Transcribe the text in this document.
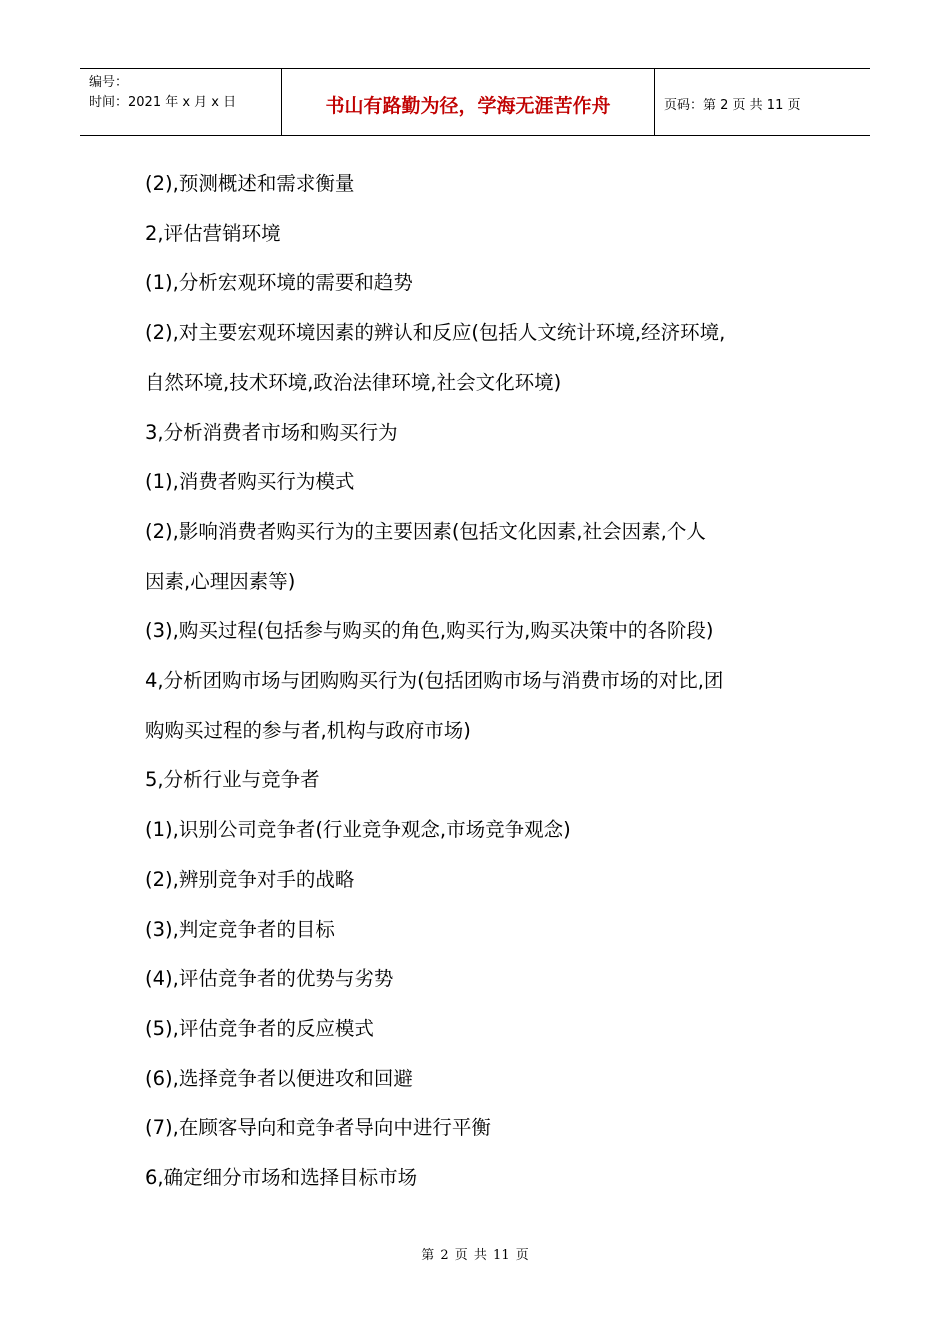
编号：
时间：2021 年 x 月 x 日	书山有路勤为径，学海无涯苦作舟	页码：第 2 页 共 11 页

(2),预测概述和需求衡量

2,评估营销环境

(1),分析宏观环境的需要和趋势

(2),对主要宏观环境因素的辨认和反应(包括人文统计环境,经济环境,

自然环境,技术环境,政治法律环境,社会文化环境)

3,分析消费者市场和购买行为

(1),消费者购买行为模式

(2),影响消费者购买行为的主要因素(包括文化因素,社会因素,个人

因素,心理因素等)

(3),购买过程(包括参与购买的角色,购买行为,购买决策中的各阶段)

4,分析团购市场与团购购买行为(包括团购市场与消费市场的对比,团

购购买过程的参与者,机构与政府市场)

5,分析行业与竞争者

(1),识别公司竞争者(行业竞争观念,市场竞争观念)

(2),辨别竞争对手的战略

(3),判定竞争者的目标

(4),评估竞争者的优势与劣势

(5),评估竞争者的反应模式

(6),选择竞争者以便进攻和回避

(7),在顾客导向和竞争者导向中进行平衡

6,确定细分市场和选择目标市场

第 2 页 共 11 页
